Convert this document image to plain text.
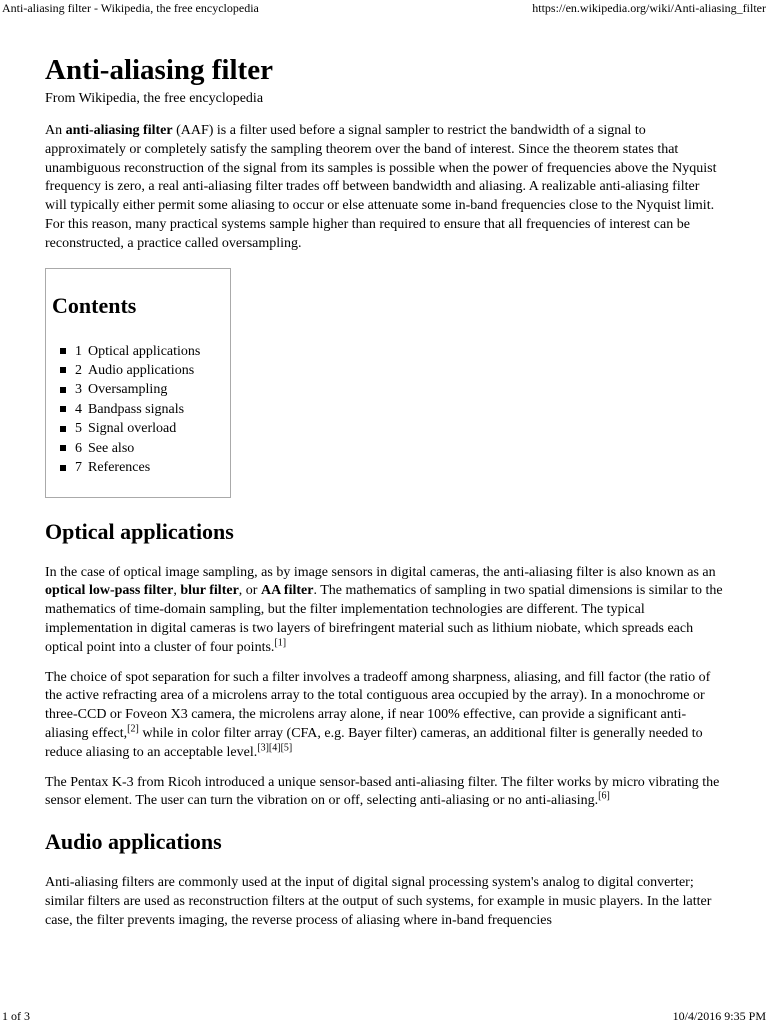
Anti-aliasing filter - Wikipedia, the free encyclopedia	https://en.wikipedia.org/wiki/Anti-aliasing_filter
Anti-aliasing filter
From Wikipedia, the free encyclopedia

An anti-aliasing filter (AAF) is a filter used before a signal sampler to restrict the bandwidth of a signal to approximately or completely satisfy the sampling theorem over the band of interest. Since the theorem states that unambiguous reconstruction of the signal from its samples is possible when the power of frequencies above the Nyquist frequency is zero, a real anti-aliasing filter trades off between bandwidth and aliasing. A realizable anti-aliasing filter will typically either permit some aliasing to occur or else attenuate some in-band frequencies close to the Nyquist limit. For this reason, many practical systems sample higher than required to ensure that all frequencies of interest can be reconstructed, a practice called oversampling.

Contents
1 Optical applications
2 Audio applications
3 Oversampling
4 Bandpass signals
5 Signal overload
6 See also
7 References
Optical applications

In the case of optical image sampling, as by image sensors in digital cameras, the anti-aliasing filter is also known as an optical low-pass filter, blur filter, or AA filter. The mathematics of sampling in two spatial dimensions is similar to the mathematics of time-domain sampling, but the filter implementation technologies are different. The typical implementation in digital cameras is two layers of birefringent material such as lithium niobate, which spreads each optical point into a cluster of four points.[1]

The choice of spot separation for such a filter involves a tradeoff among sharpness, aliasing, and fill factor (the ratio of the active refracting area of a microlens array to the total contiguous area occupied by the array). In a monochrome or three-CCD or Foveon X3 camera, the microlens array alone, if near 100% effective, can provide a significant anti-aliasing effect,[2] while in color filter array (CFA, e.g. Bayer filter) cameras, an additional filter is generally needed to reduce aliasing to an acceptable level.[3][4][5]

The Pentax K-3 from Ricoh introduced a unique sensor-based anti-aliasing filter. The filter works by micro vibrating the sensor element. The user can turn the vibration on or off, selecting anti-aliasing or no anti-aliasing.[6]

Audio applications

Anti-aliasing filters are commonly used at the input of digital signal processing system's analog to digital converter; similar filters are used as reconstruction filters at the output of such systems, for example in music players. In the latter case, the filter prevents imaging, the reverse process of aliasing where in-band frequencies

1 of 3	10/4/2016 9:35 PM
